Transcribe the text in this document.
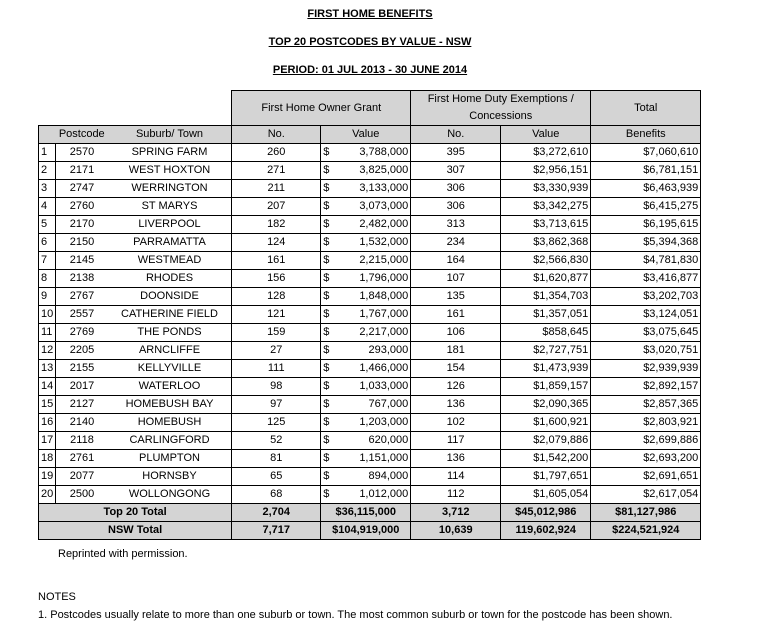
FIRST HOME BENEFITS
TOP 20 POSTCODES BY VALUE - NSW
PERIOD: 01 JUL 2013 - 30 JUNE 2014
			First Home Owner Grant			First Home Duty Exemptions / Concessions		Total
	Postcode	Suburb/ Town	No.	Value		No.	Value	Benefits
1	2570	SPRING FARM	260	$	3,788,000	395	$3,272,610	$7,060,610
2	2171	WEST HOXTON	271	$	3,825,000	307	$2,956,151	$6,781,151
3	2747	WERRINGTON	211	$	3,133,000	306	$3,330,939	$6,463,939
4	2760	ST MARYS	207	$	3,073,000	306	$3,342,275	$6,415,275
5	2170	LIVERPOOL	182	$	2,482,000	313	$3,713,615	$6,195,615
6	2150	PARRAMATTA	124	$	1,532,000	234	$3,862,368	$5,394,368
7	2145	WESTMEAD	161	$	2,215,000	164	$2,566,830	$4,781,830
8	2138	RHODES	156	$	1,796,000	107	$1,620,877	$3,416,877
9	2767	DOONSIDE	128	$	1,848,000	135	$1,354,703	$3,202,703
10	2557	CATHERINE FIELD	121	$	1,767,000	161	$1,357,051	$3,124,051
11	2769	THE PONDS	159	$	2,217,000	106	$858,645	$3,075,645
12	2205	ARNCLIFFE	27	$	293,000	181	$2,727,751	$3,020,751
13	2155	KELLYVILLE	111	$	1,466,000	154	$1,473,939	$2,939,939
14	2017	WATERLOO	98	$	1,033,000	126	$1,859,157	$2,892,157
15	2127	HOMEBUSH BAY	97	$	767,000	136	$2,090,365	$2,857,365
16	2140	HOMEBUSH	125	$	1,203,000	102	$1,600,921	$2,803,921
17	2118	CARLINGFORD	52	$	620,000	117	$2,079,886	$2,699,886
18	2761	PLUMPTON	81	$	1,151,000	136	$1,542,200	$2,693,200
19	2077	HORNSBY	65	$	894,000	114	$1,797,651	$2,691,651
20	2500	WOLLONGONG	68	$	1,012,000	112	$1,605,054	$2,617,054
Top 20 Total			2,704	$36,115,000		3,712	$45,012,986	$81,127,986
NSW Total			7,717	$104,919,000		10,639	119,602,924	$224,521,924
Reprinted with permission.
NOTES
1. Postcodes usually relate to more than one suburb or town. The most common suburb or town for the postcode has been shown.
